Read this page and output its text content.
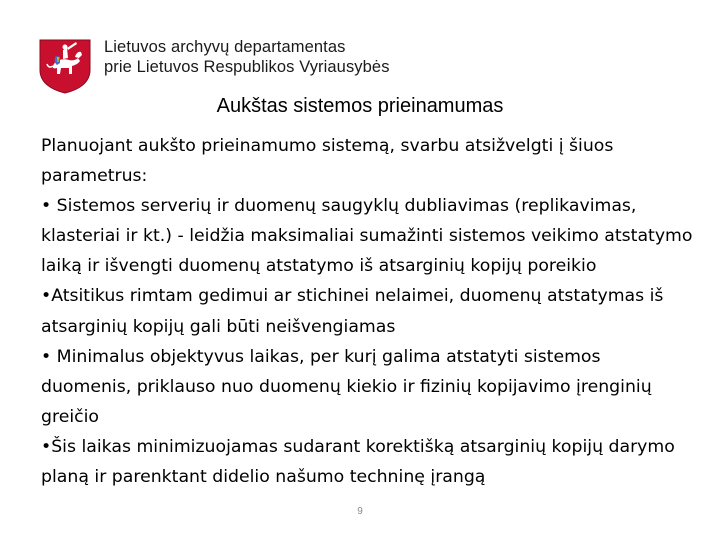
Lietuvos archyvų departamentas
prie Lietuvos Respublikos Vyriausybės
Aukštas sistemos prieinamumas

Planuojant aukšto prieinamumo sistemą, svarbu atsižvelgti į šiuos parametrus:

• Sistemos serverių ir duomenų saugyklų dubliavimas (replikavimas, klasteriai ir kt.) - leidžia maksimaliai sumažinti sistemos veikimo atstatymo laiką ir išvengti duomenų atstatymo iš atsarginių kopijų poreikio

•Atsitikus rimtam gedimui ar stichinei nelaimei, duomenų atstatymas iš atsarginių kopijų gali būti neišvengiamas

• Minimalus objektyvus laikas, per kurį galima atstatyti sistemos duomenis, priklauso nuo duomenų kiekio ir fizinių kopijavimo įrenginių greičio

•Šis laikas minimizuojamas sudarant korektišką atsarginių kopijų darymo planą ir parenktant didelio našumo techninę įrangą

9
